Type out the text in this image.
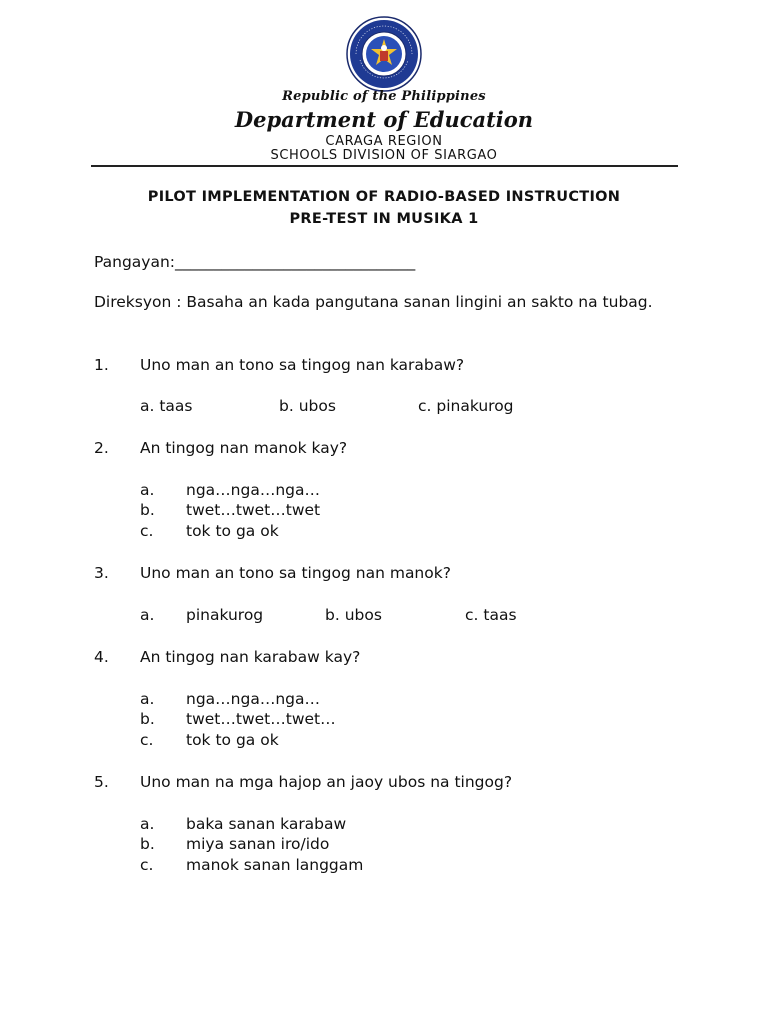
Republic of the Philippines
Department of Education
CARAGA REGION
SCHOOLS DIVISION OF SIARGAO
PILOT IMPLEMENTATION OF RADIO-BASED INSTRUCTION
PRE-TEST IN MUSIKA 1
Pangayan:_______________________________
Direksyon : Basaha an kada pangutana sanan lingini an sakto na tubag.
1. Uno man an tono sa tingog nan karabaw?
a. taas	b. ubos	c. pinakurog
2. An tingog nan manok kay?
a. nga…nga…nga…
b. twet…twet…twet
c. tok to ga ok
3. Uno man an tono sa tingog nan manok?
a. pinakurog	b. ubos	c. taas
4. An tingog nan karabaw kay?
a. nga…nga…nga…
b. twet…twet…twet…
c. tok to ga ok
5. Uno man na mga hajop an jaoy ubos na tingog?
a. baka sanan karabaw
b. miya sanan iro/ido
c. manok sanan langgam
